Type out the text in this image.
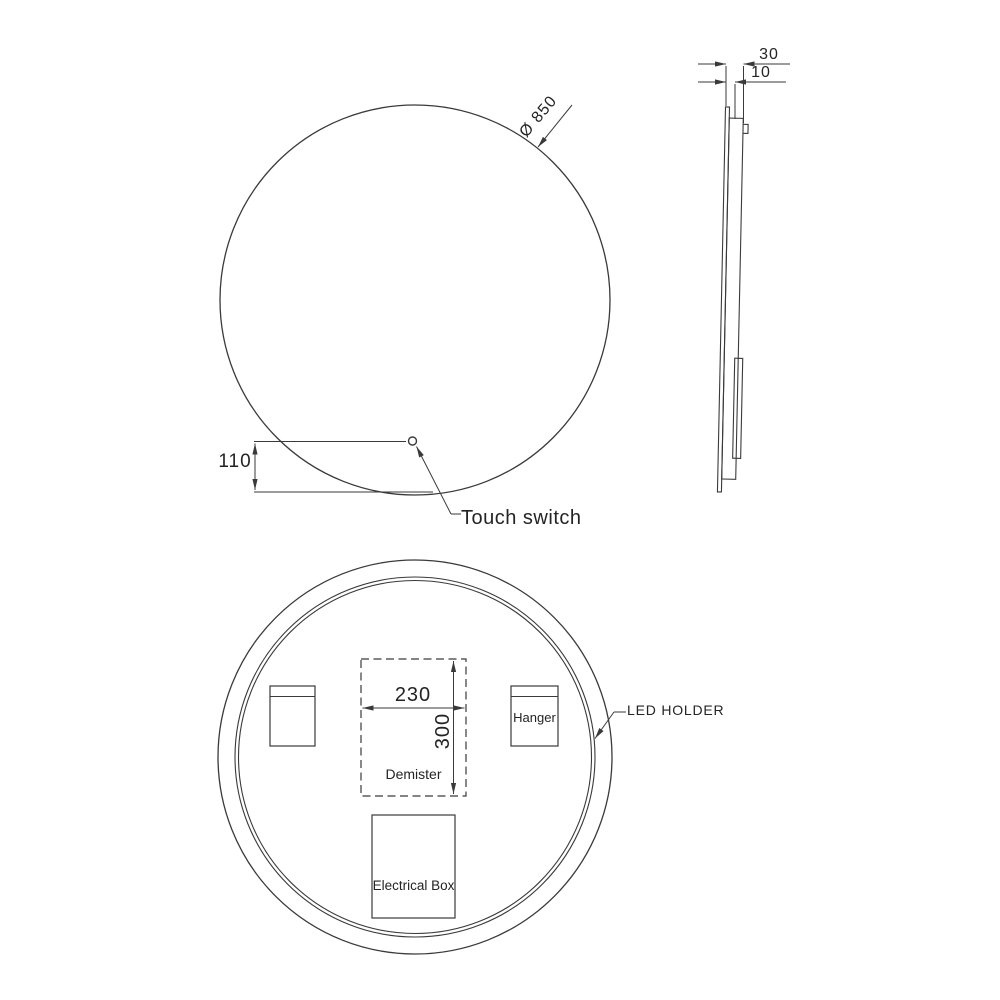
Ø 850
110
Touch switch
30
10
230
300
Demister
Hanger
Electrical Box
LED HOLDER
